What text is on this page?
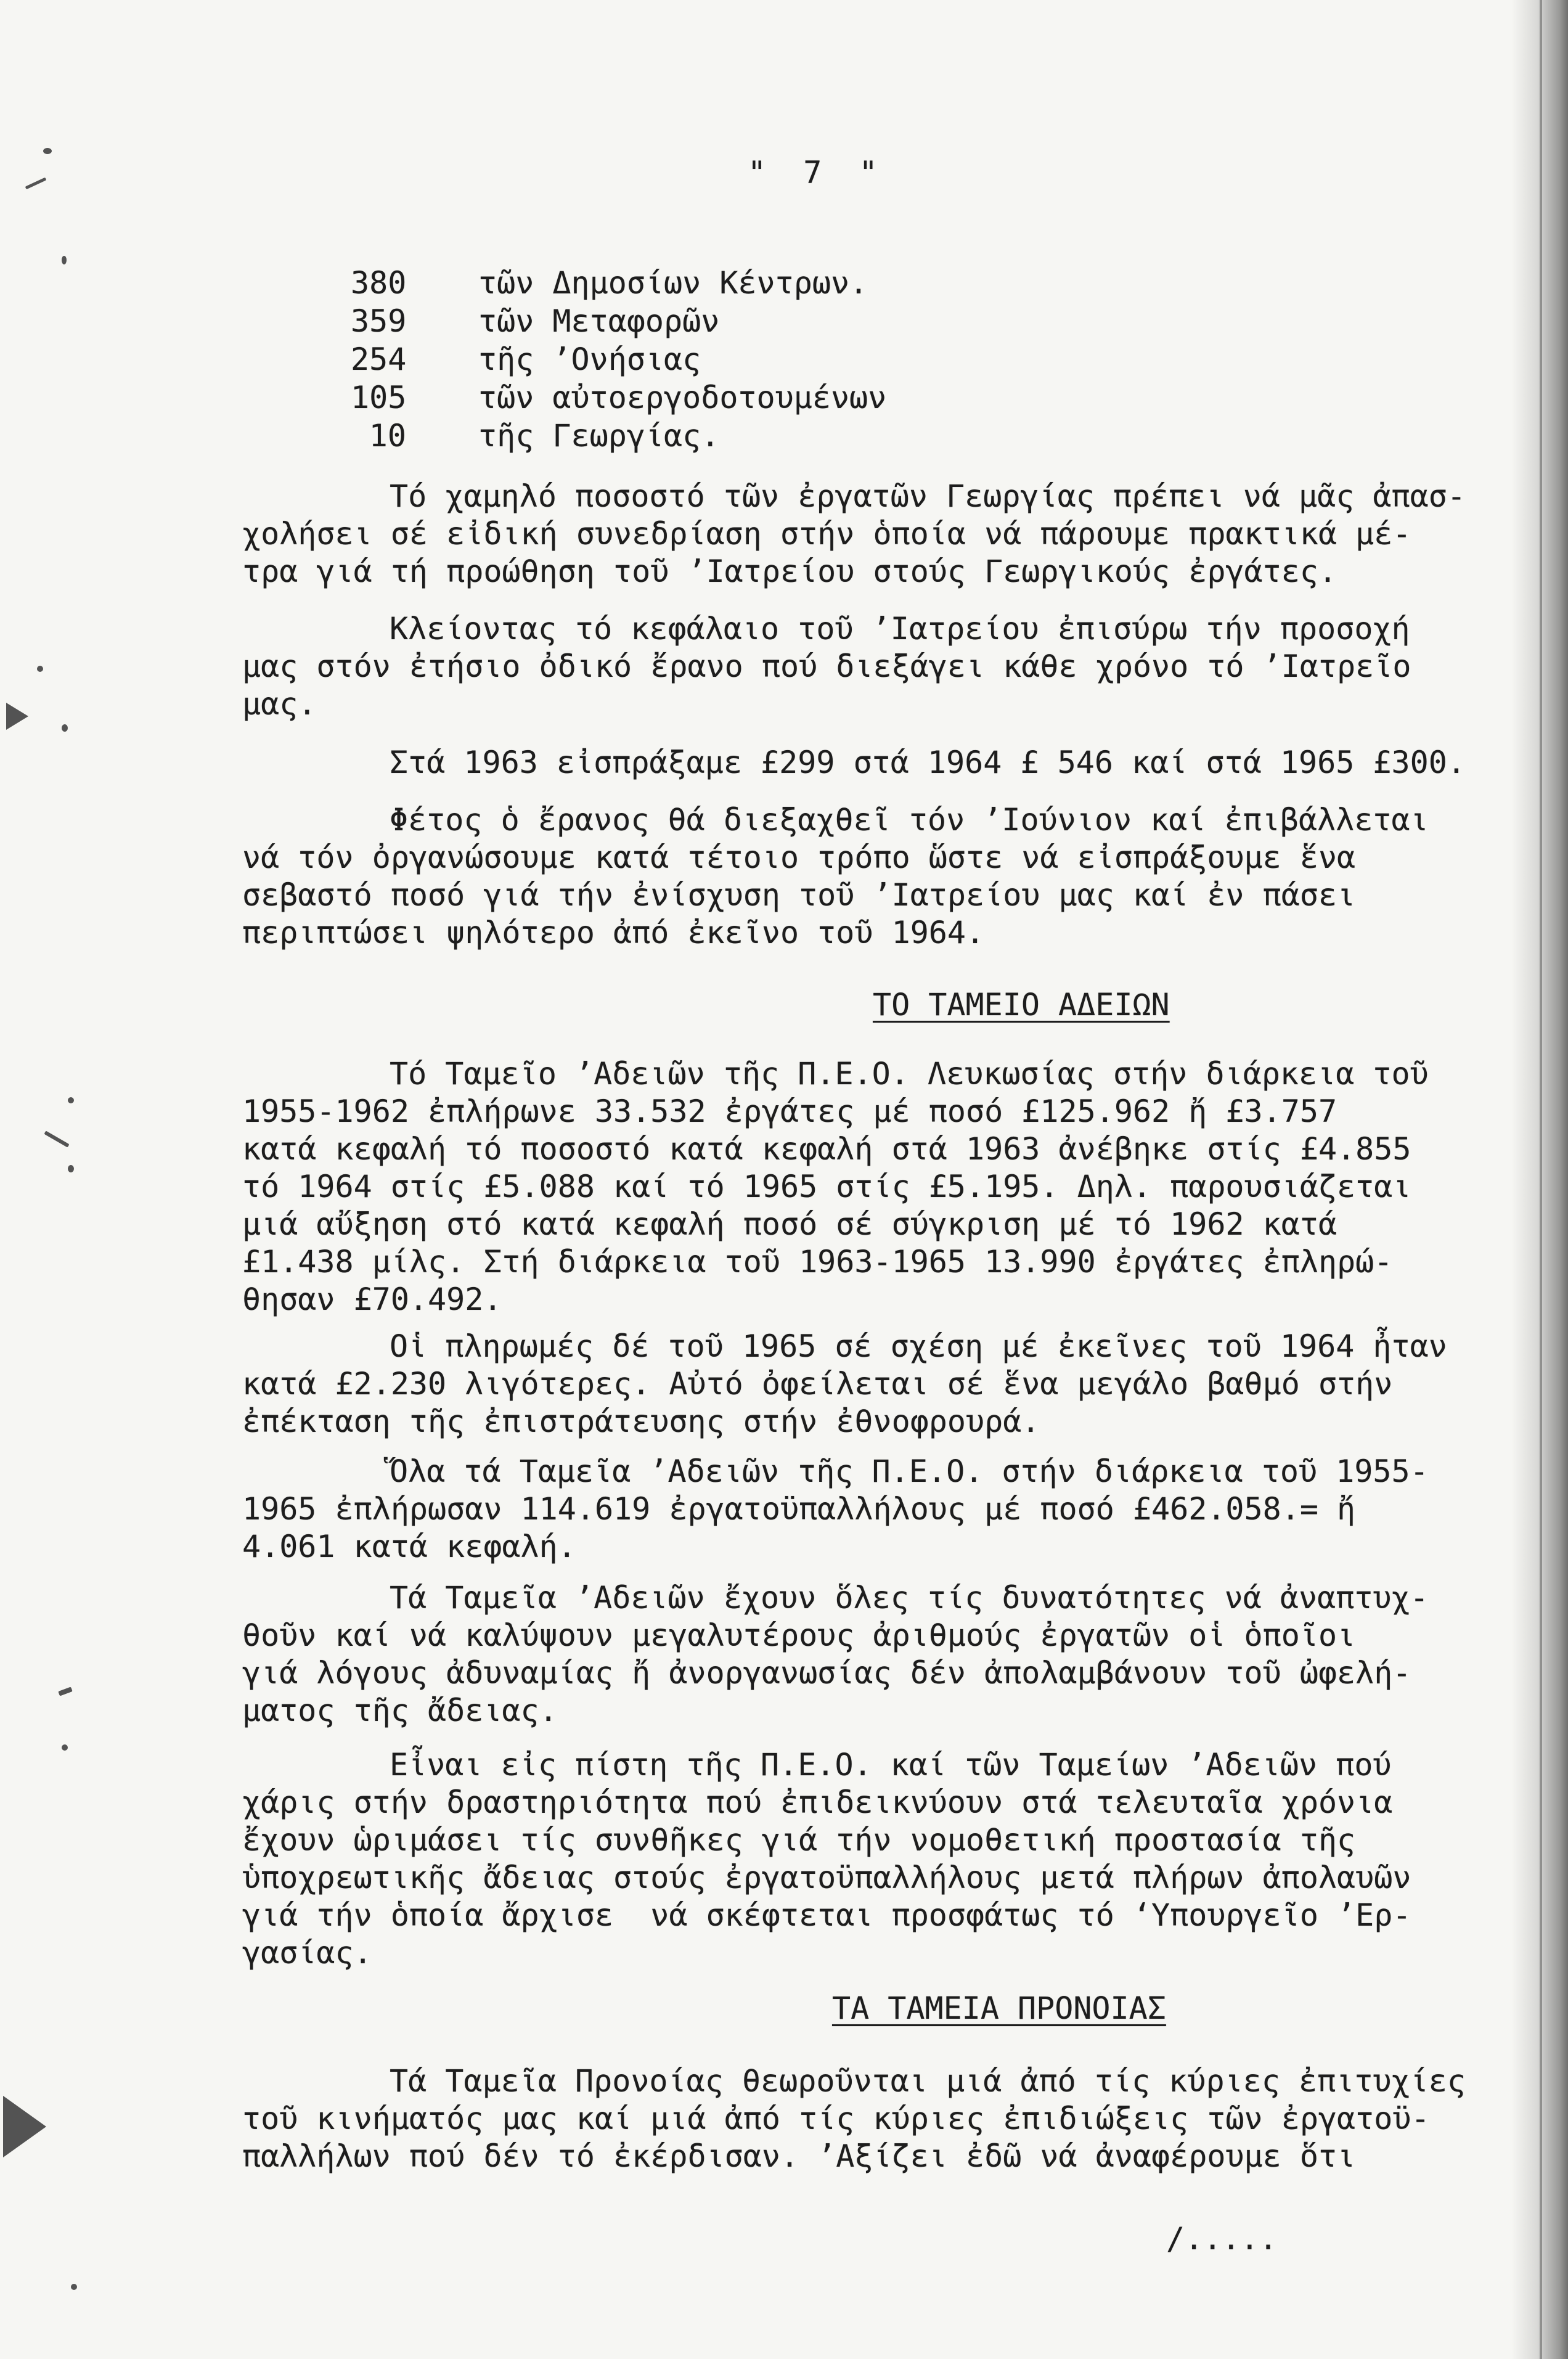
"  7  "
380 τῶν Δημοσίων Κέντρων.
359 τῶν Μεταφορῶν
254 τῆς ’Ονήσιας
105 τῶν αὐτοεργοδοτουμένων
10 τῆς Γεωργίας.
Τό χαμηλό ποσοστό τῶν ἐργατῶν Γεωργίας πρέπει νά μᾶς ἀπασ-
χολήσει σέ εἰδική συνεδρίαση στήν ὁποία νά πάρουμε πρακτικά μέ-
τρα γιά τή προώθηση τοῦ ’Ιατρείου στούς Γεωργικούς ἐργάτες.
Κλείοντας τό κεφάλαιο τοῦ ’Ιατρείου ἐπισύρω τήν προσοχή
μας στόν ἐτήσιο ὀδικό ἔρανο πού διεξάγει κάθε χρόνο τό ’Ιατρεῖο
μας.
Στά 1963 εἰσπράξαμε £299 στά 1964 £ 546 καί στά 1965 £300.
Φέτος ὁ ἔρανος θά διεξαχθεῖ τόν ’Ιούνιον καί ἐπιβάλλεται
νά τόν ὀργανώσουμε κατά τέτοιο τρόπο ὥστε νά εἰσπράξουμε ἕνα
σεβαστό ποσό γιά τήν ἐνίσχυση τοῦ ’Ιατρείου μας καί ἐν πάσει
περιπτώσει ψηλότερο ἀπό ἐκεῖνο τοῦ 1964.
ΤΟ ΤΑΜΕΙΟ ΑΔΕΙΩΝ
Τό Ταμεῖο ’Αδειῶν τῆς Π.Ε.Ο. Λευκωσίας στήν διάρκεια τοῦ
1955-1962 ἐπλήρωνε 33.532 ἐργάτες μέ ποσό £125.962 ἤ £3.757
κατά κεφαλή τό ποσοστό κατά κεφαλή στά 1963 ἀνέβηκε στίς £4.855
τό 1964 στίς £5.088 καί τό 1965 στίς £5.195. Δηλ. παρουσιάζεται
μιά αὔξηση στό κατά κεφαλή ποσό σέ σύγκριση μέ τό 1962 κατά
£1.438 μίλς. Στή διάρκεια τοῦ 1963-1965 13.990 ἐργάτες ἐπληρώ-
θησαν £70.492.
Οἱ πληρωμές δέ τοῦ 1965 σέ σχέση μέ ἐκεῖνες τοῦ 1964 ἦταν
κατά £2.230 λιγότερες. Αὐτό ὀφείλεται σέ ἕνα μεγάλο βαθμό στήν
ἐπέκταση τῆς ἐπιστράτευσης στήν ἐθνοφρουρά.
Ὅλα τά Ταμεῖα ’Αδειῶν τῆς Π.Ε.Ο. στήν διάρκεια τοῦ 1955-
1965 ἐπλήρωσαν 114.619 ἐργατοϋπαλλήλους μέ ποσό £462.058.= ἤ
4.061 κατά κεφαλή.
Τά Ταμεῖα ’Αδειῶν ἔχουν ὅλες τίς δυνατότητες νά ἀναπτυχ-
θοῦν καί νά καλύψουν μεγαλυτέρους ἀριθμούς ἐργατῶν οἱ ὁποῖοι
γιά λόγους ἀδυναμίας ἤ ἀνοργανωσίας δέν ἀπολαμβάνουν τοῦ ὠφελή-
ματος τῆς ἄδειας.
Εἶναι εἰς πίστη τῆς Π.Ε.Ο. καί τῶν Ταμείων ’Αδειῶν πού
χάρις στήν δραστηριότητα πού ἐπιδεικνύουν στά τελευταῖα χρόνια
ἔχουν ὡριμάσει τίς συνθῆκες γιά τήν νομοθετική προστασία τῆς
ὑποχρεωτικῆς ἄδειας στούς ἐργατοϋπαλλήλους μετά πλήρων ἀπολαυῶν
γιά τήν ὁποία ἄρχισε  νά σκέφτεται προσφάτως τό ‘Υπουργεῖο ’Ερ-
γασίας.
ΤΑ ΤΑΜΕΙΑ ΠΡΟΝΟΙΑΣ
Τά Ταμεῖα Προνοίας θεωροῦνται μιά ἀπό τίς κύριες ἐπιτυχίες
τοῦ κινήματός μας καί μιά ἀπό τίς κύριες ἐπιδιώξεις τῶν ἐργατοϋ-
παλλήλων πού δέν τό ἐκέρδισαν. ’Αξίζει ἐδῶ νά ἀναφέρουμε ὅτι
/.....
